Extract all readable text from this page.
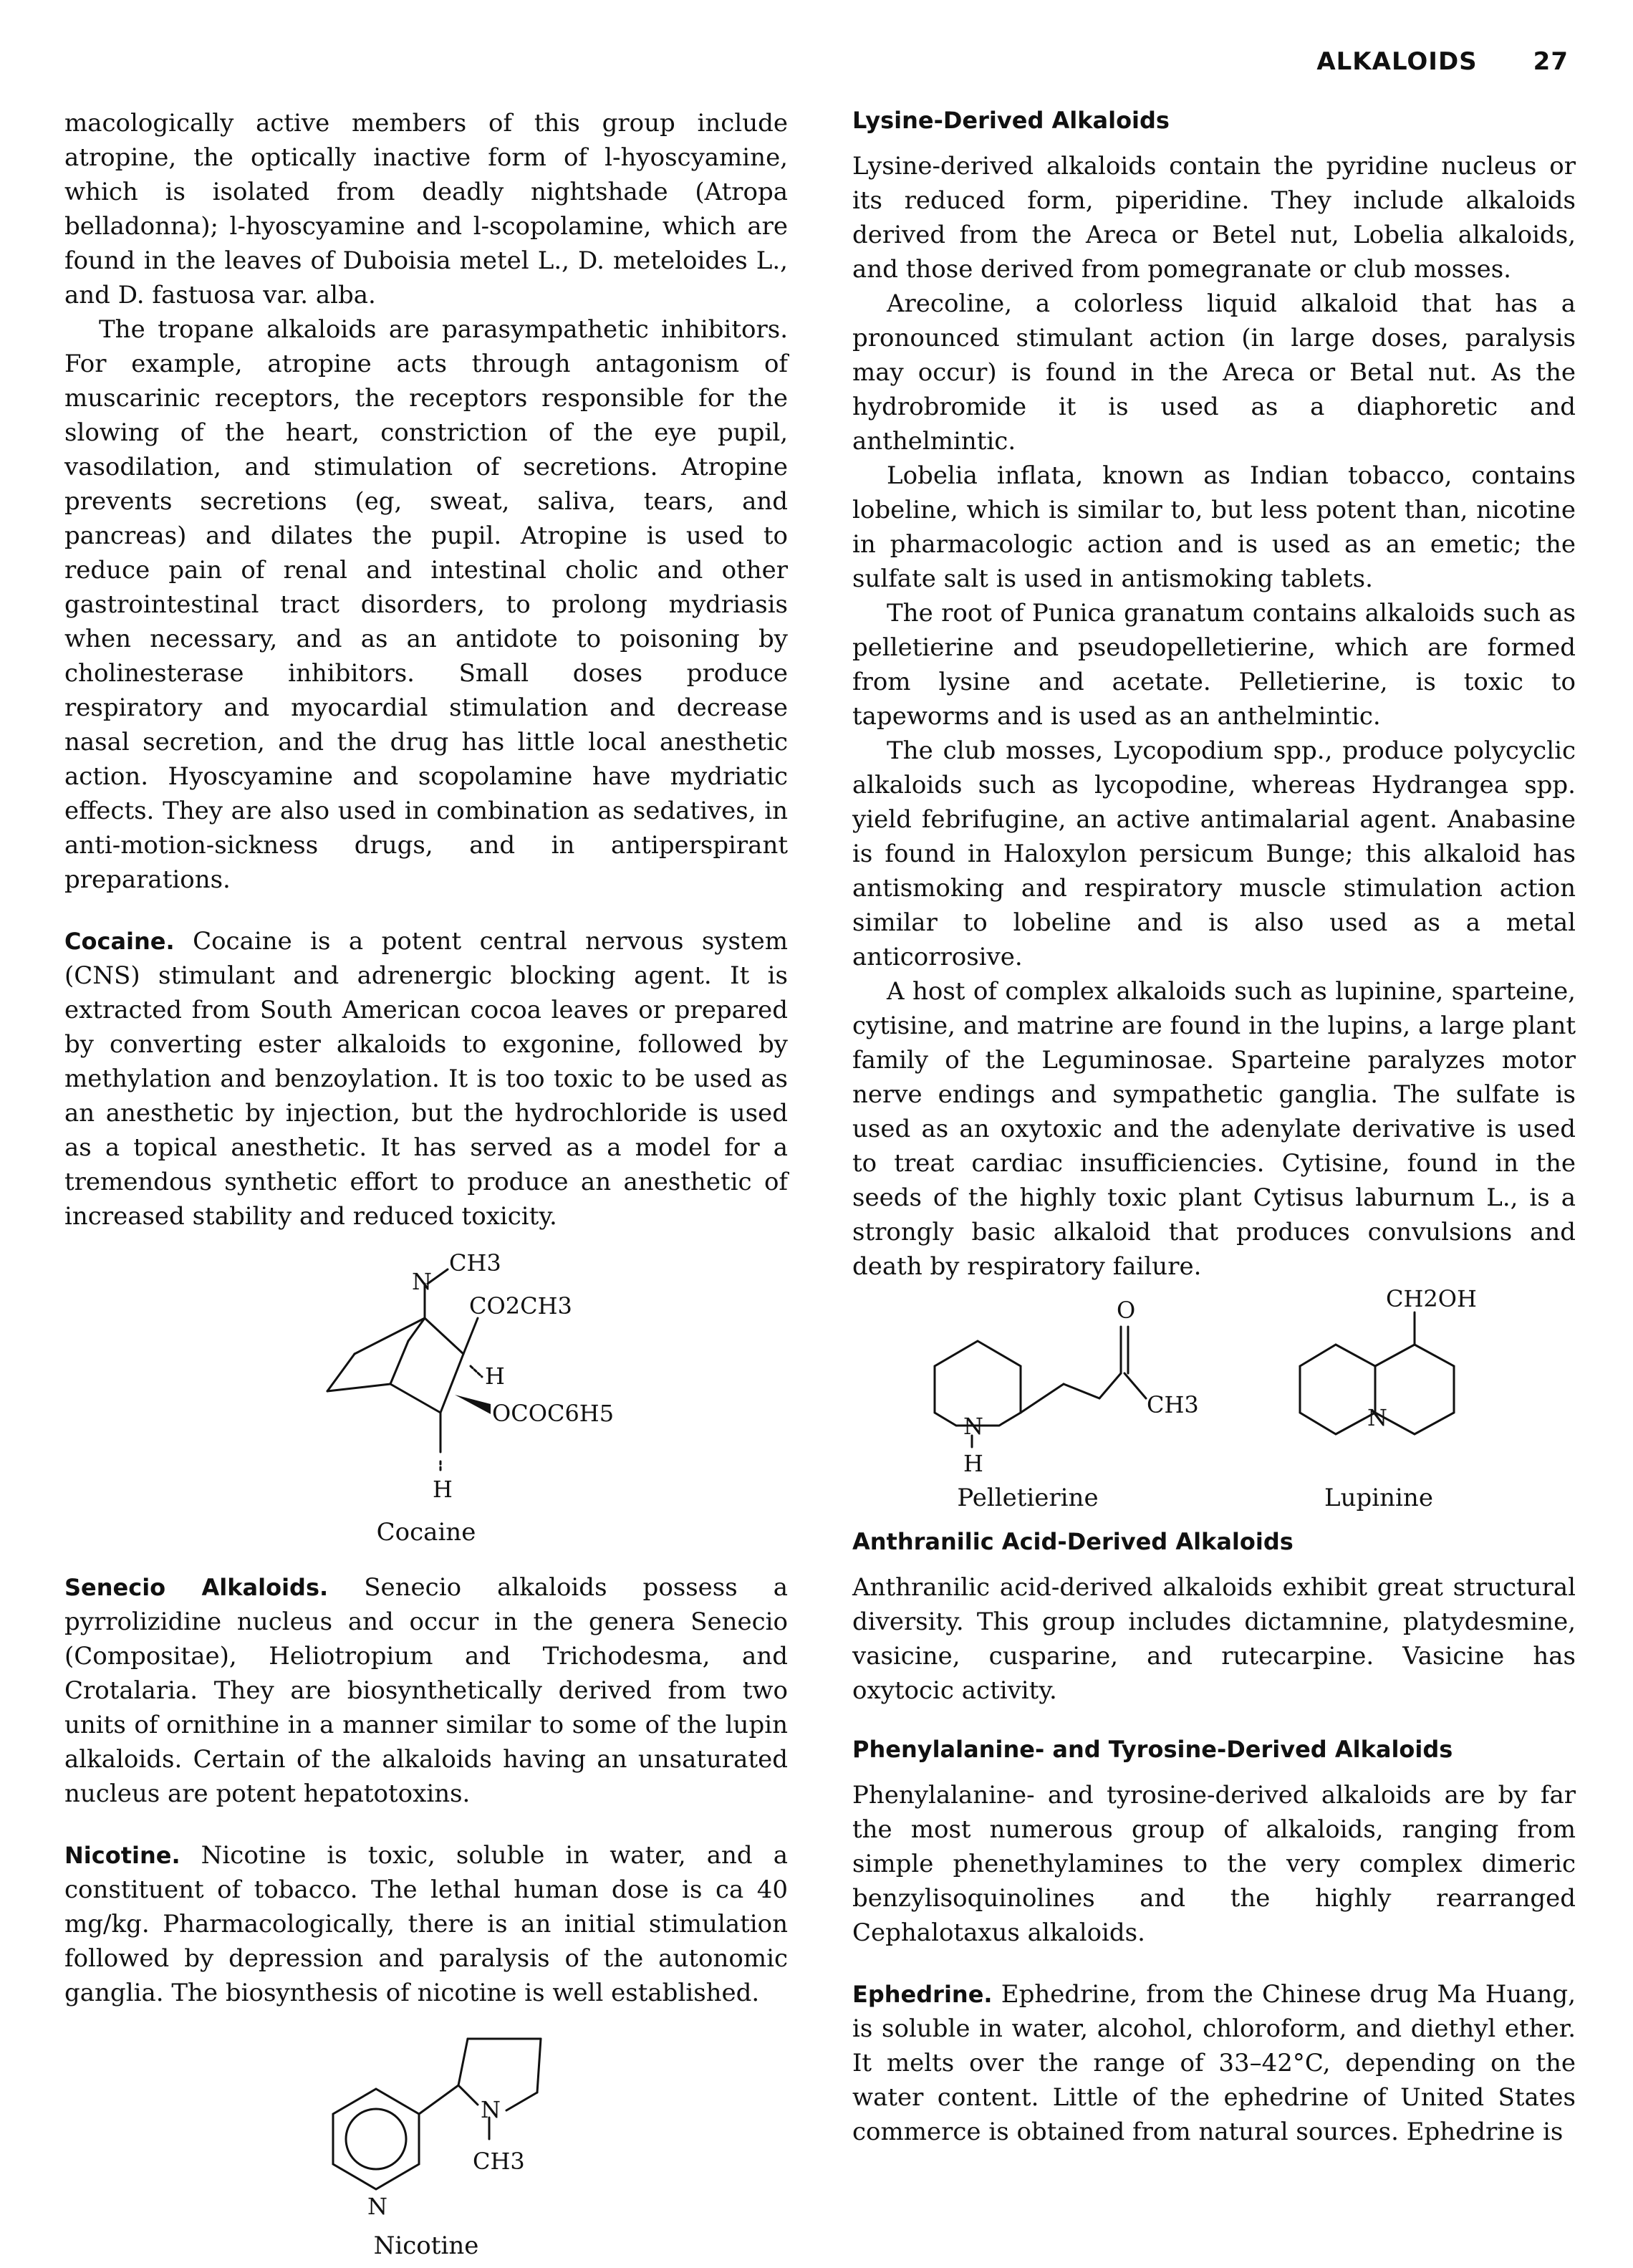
ALKALOIDS 27

macologically active members of this group include atropine, the optically inactive form of l-hyoscyamine, which is isolated from deadly nightshade (Atropa belladonna); l-hyoscyamine and l-scopolamine, which are found in the leaves of Duboisia metel L., D. meteloides L., and D. fastuosa var. alba.

The tropane alkaloids are parasympathetic inhibitors. For example, atropine acts through antagonism of muscarinic receptors, the receptors responsible for the slowing of the heart, constriction of the eye pupil, vasodilation, and stimulation of secretions. Atropine prevents secretions (eg, sweat, saliva, tears, and pancreas) and dilates the pupil. Atropine is used to reduce pain of renal and intestinal cholic and other gastrointestinal tract disorders, to prolong mydriasis when necessary, and as an antidote to poisoning by cholinesterase inhibitors. Small doses produce respiratory and myocardial stimulation and decrease nasal secretion, and the drug has little local anesthetic action. Hyoscyamine and scopolamine have mydriatic effects. They are also used in combination as sedatives, in anti-motion-sickness drugs, and in antiperspirant preparations.

Cocaine. Cocaine is a potent central nervous system (CNS) stimulant and adrenergic blocking agent. It is extracted from South American cocoa leaves or prepared by converting ester alkaloids to exgonine, followed by methylation and benzoylation. It is too toxic to be used as an anesthetic by injection, but the hydrochloride is used as a topical anesthetic. It has served as a model for a tremendous synthetic effort to produce an anesthetic of increased stability and reduced toxicity.

N
CH3
CO2CH3
H
OCOC6H5
H
Cocaine

Senecio Alkaloids. Senecio alkaloids possess a pyrrolizidine nucleus and occur in the genera Senecio (Compositae), Heliotropium and Trichodesma, and Crotalaria. They are biosynthetically derived from two units of ornithine in a manner similar to some of the lupin alkaloids. Certain of the alkaloids having an unsaturated nucleus are potent hepatotoxins.

Nicotine. Nicotine is toxic, soluble in water, and a constituent of tobacco. The lethal human dose is ca 40 mg/kg. Pharmacologically, there is an initial stimulation followed by depression and paralysis of the autonomic ganglia. The biosynthesis of nicotine is well established.

N
N
CH3
Nicotine
Lysine-Derived Alkaloids

Lysine-derived alkaloids contain the pyridine nucleus or its reduced form, piperidine. They include alkaloids derived from the Areca or Betel nut, Lobelia alkaloids, and those derived from pomegranate or club mosses.

Arecoline, a colorless liquid alkaloid that has a pronounced stimulant action (in large doses, paralysis may occur) is found in the Areca or Betal nut. As the hydrobromide it is used as a diaphoretic and anthelmintic.

Lobelia inflata, known as Indian tobacco, contains lobeline, which is similar to, but less potent than, nicotine in pharmacologic action and is used as an emetic; the sulfate salt is used in antismoking tablets.

The root of Punica granatum contains alkaloids such as pelletierine and pseudopelletierine, which are formed from lysine and acetate. Pelletierine, is toxic to tapeworms and is used as an anthelmintic.

The club mosses, Lycopodium spp., produce polycyclic alkaloids such as lycopodine, whereas Hydrangea spp. yield febrifugine, an active antimalarial agent. Anabasine is found in Haloxylon persicum Bunge; this alkaloid has antismoking and respiratory muscle stimulation action similar to lobeline and is also used as a metal anticorrosive.

A host of complex alkaloids such as lupinine, sparteine, cytisine, and matrine are found in the lupins, a large plant family of the Leguminosae. Sparteine paralyzes motor nerve endings and sympathetic ganglia. The sulfate is used as an oxytoxic and the adenylate derivative is used to treat cardiac insufficiencies. Cytisine, found in the seeds of the highly toxic plant Cytisus laburnum L., is a strongly basic alkaloid that produces convulsions and death by respiratory failure.

N
H
O
CH3
Pelletierine
CH2OH
N
Lupinine
Anthranilic Acid-Derived Alkaloids

Anthranilic acid-derived alkaloids exhibit great structural diversity. This group includes dictamnine, platydesmine, vasicine, cusparine, and rutecarpine. Vasicine has oxytocic activity.

Phenylalanine- and Tyrosine-Derived Alkaloids

Phenylalanine- and tyrosine-derived alkaloids are by far the most numerous group of alkaloids, ranging from simple phenethylamines to the very complex dimeric benzylisoquinolines and the highly rearranged Cephalotaxus alkaloids.

Ephedrine. Ephedrine, from the Chinese drug Ma Huang, is soluble in water, alcohol, chloroform, and diethyl ether. It melts over the range of 33–42°C, depending on the water content. Little of the ephedrine of United States commerce is obtained from natural sources. Ephedrine is
